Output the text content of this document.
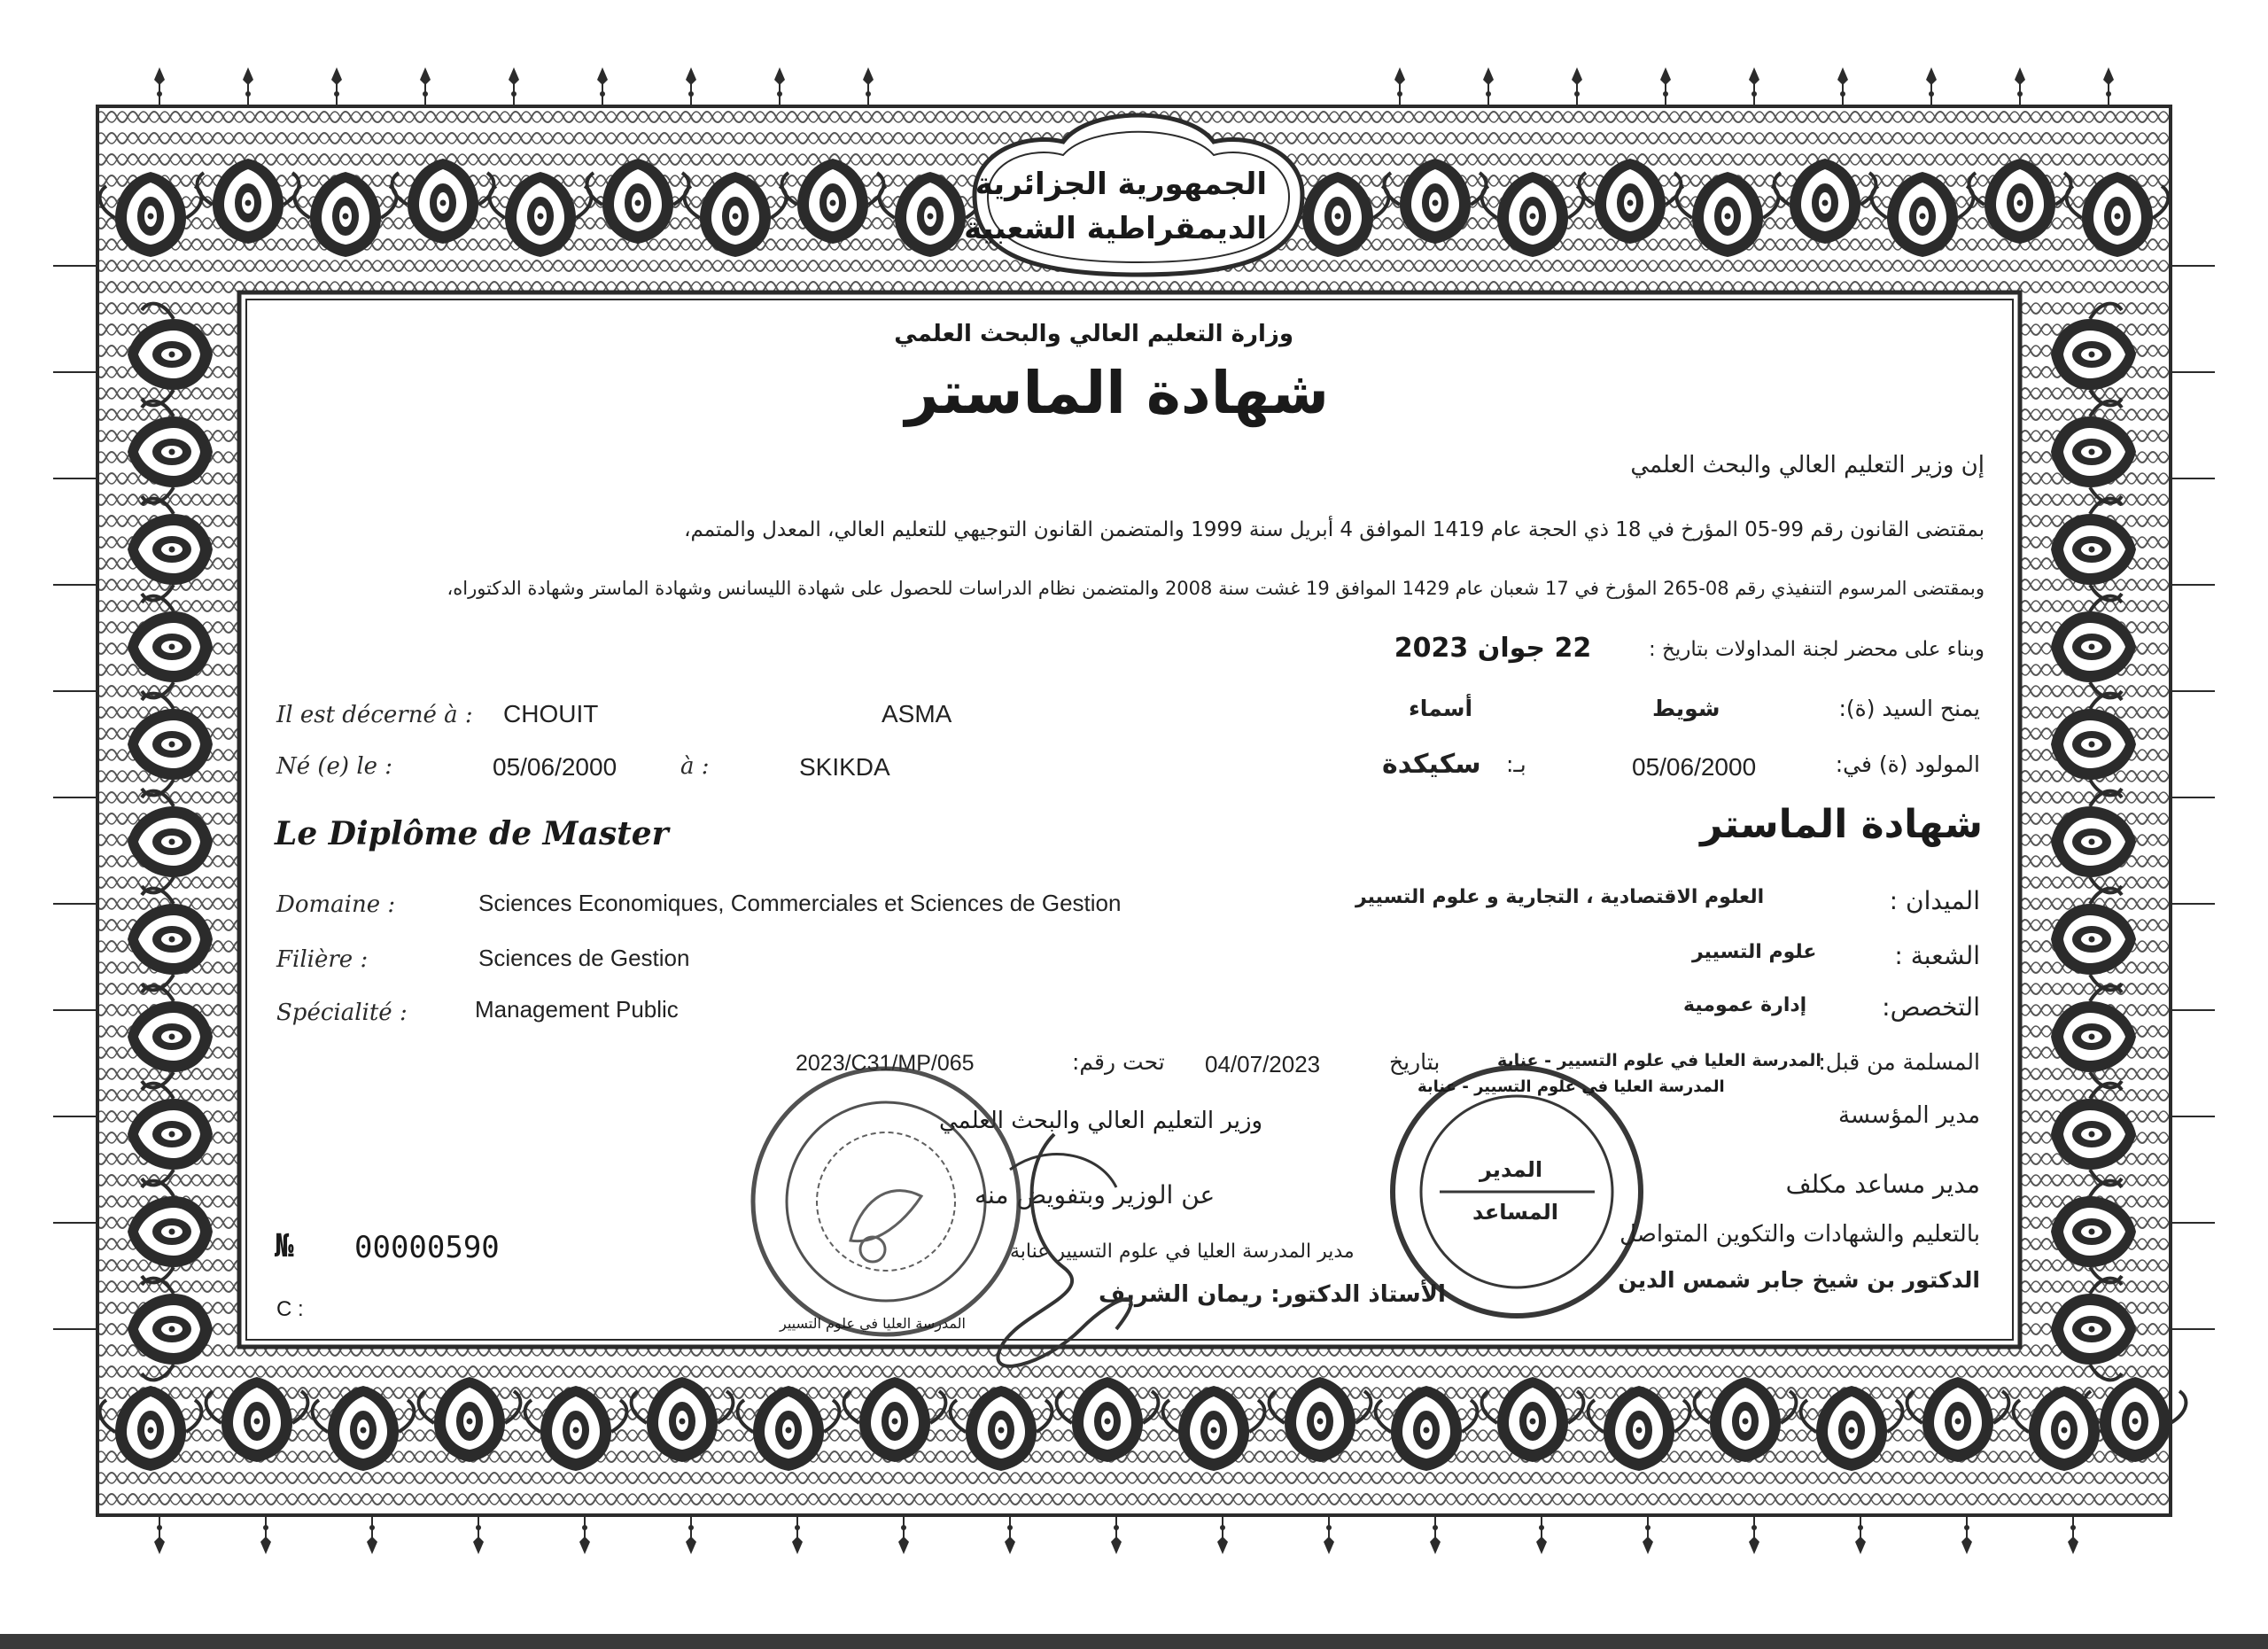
الجمهورية الجزائرية
الديمقراطية الشعبية
وزارة التعليم العالي والبحث العلمي
شهادة الماستر
إن وزير التعليم العالي والبحث العلمي
بمقتضى القانون رقم 99-05 المؤرخ في 18 ذي الحجة عام 1419 الموافق 4 أبريل سنة 1999 والمتضمن القانون التوجيهي للتعليم العالي، المعدل والمتمم،
وبمقتضى المرسوم التنفيذي رقم 08-265 المؤرخ في 17 شعبان عام 1429 الموافق 19 غشت سنة 2008 والمتضمن نظام الدراسات للحصول على شهادة الليسانس وشهادة الماستر وشهادة الدكتوراه،
وبناء على محضر لجنة المداولات بتاريخ :
22 جوان 2023
Il est décerné à : CHOUIT	ASMA	أسماء	شويط	يمنح السيد (ة):
Né (e) le :	05/06/2000	à :	SKIKDA	سكيكدة بـ:	05/06/2000	المولود (ة) في:
Le Diplôme de Master	شهادة الماستر
Domaine :	Sciences Economiques, Commerciales et Sciences de Gestion	العلوم الاقتصادية ، التجارية و علوم التسيير	الميدان :
Filière :	Sciences de Gestion	علوم التسيير	الشعبة :
Spécialité :	Management Public	إدارة عمومية	التخصص:
2023/C31/MP/065	تحت رقم: 04/07/2023	بتاريخ	المدرسة العليا في علوم التسيير - عنابة
المسلمة من قبل:
وزير التعليم العالي والبحث العلمي	مدير المؤسسة
عن الوزير وبتفويض منه	مدير مساعد مكلف
بالتعليم والشهادات والتكوين المتواصل
مدير المدرسة العليا في علوم التسيير عنابة
الأستاذ الدكتور: ريمان الشريف
الدكتور بن شيخ جابر شمس الدين
المدير
المساعد
المدرسة العليا في علوم التسيير - عنابة
المدرسة العليا في علوم التسيير
№ 00000590
C :
